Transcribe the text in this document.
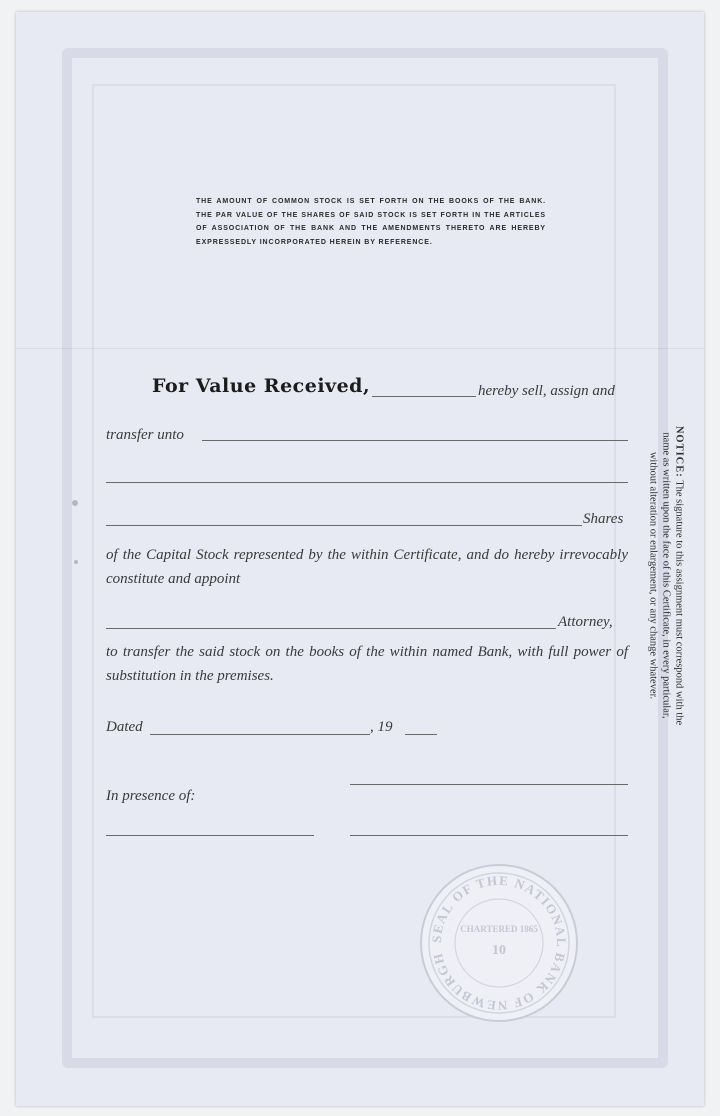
THE AMOUNT OF COMMON STOCK IS SET FORTH ON THE BOOKS OF THE BANK. THE PAR VALUE OF THE SHARES OF SAID STOCK IS SET FORTH IN THE ARTICLES OF ASSOCIATION OF THE BANK AND THE AMENDMENTS THERETO ARE HEREBY EXPRESSEDLY INCORPORATED HEREIN BY REFERENCE.
For Value Received,	hereby sell, assign and
transfer unto
Shares
of the Capital Stock represented by the within Certificate, and do hereby irrevocably constitute and appoint
Attorney,
to transfer the said stock on the books of the within named Bank, with full power of substitution in the premises.
Dated	, 19
In presence of:
NOTICE: The signature to this assignment must correspond with the name as written upon the face of this Certificate, in every particular, without alteration or enlargement, or any change whatever.
SEAL OF THE NATIONAL BANK OF NEWBURGH
CHARTERED 1865
10
